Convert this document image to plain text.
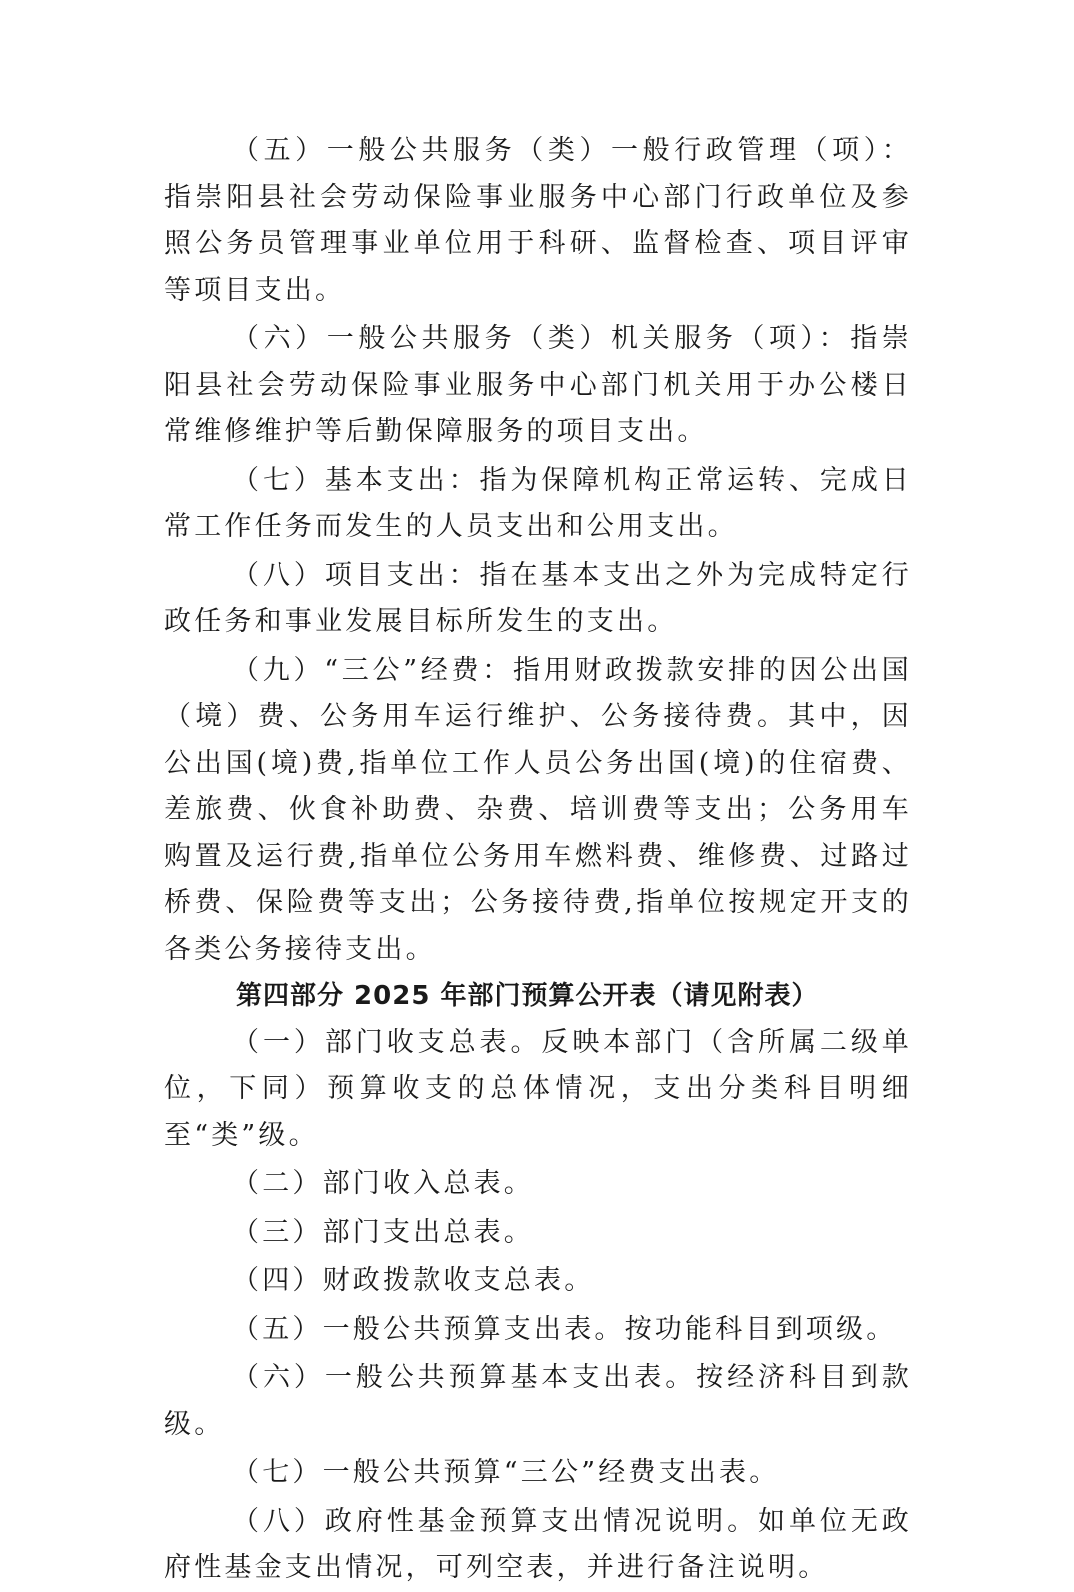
（五）一般公共服务（类）一般行政管理（项）：指崇阳县社会劳动保险事业服务中心部门行政单位及参照公务员管理事业单位用于科研、监督检查、项目评审等项目支出。

（六）一般公共服务（类）机关服务（项）：指崇阳县社会劳动保险事业服务中心部门机关用于办公楼日常维修维护等后勤保障服务的项目支出。

（七）基本支出：指为保障机构正常运转、完成日常工作任务而发生的人员支出和公用支出。

（八）项目支出：指在基本支出之外为完成特定行政任务和事业发展目标所发生的支出。

（九）“三公”经费：指用财政拨款安排的因公出国（境）费、公务用车运行维护、公务接待费。其中，因公出国(境)费,指单位工作人员公务出国(境)的住宿费、差旅费、伙食补助费、杂费、培训费等支出；公务用车购置及运行费,指单位公务用车燃料费、维修费、过路过桥费、保险费等支出；公务接待费,指单位按规定开支的各类公务接待支出。

第四部分 2025 年部门预算公开表（请见附表）

（一）部门收支总表。反映本部门（含所属二级单位，下同）预算收支的总体情况，支出分类科目明细至“类”级。

（二）部门收入总表。

（三）部门支出总表。

（四）财政拨款收支总表。

（五）一般公共预算支出表。按功能科目到项级。

（六）一般公共预算基本支出表。按经济科目到款级。

（七）一般公共预算“三公”经费支出表。

（八）政府性基金预算支出情况说明。如单位无政府性基金支出情况，可列空表，并进行备注说明。
